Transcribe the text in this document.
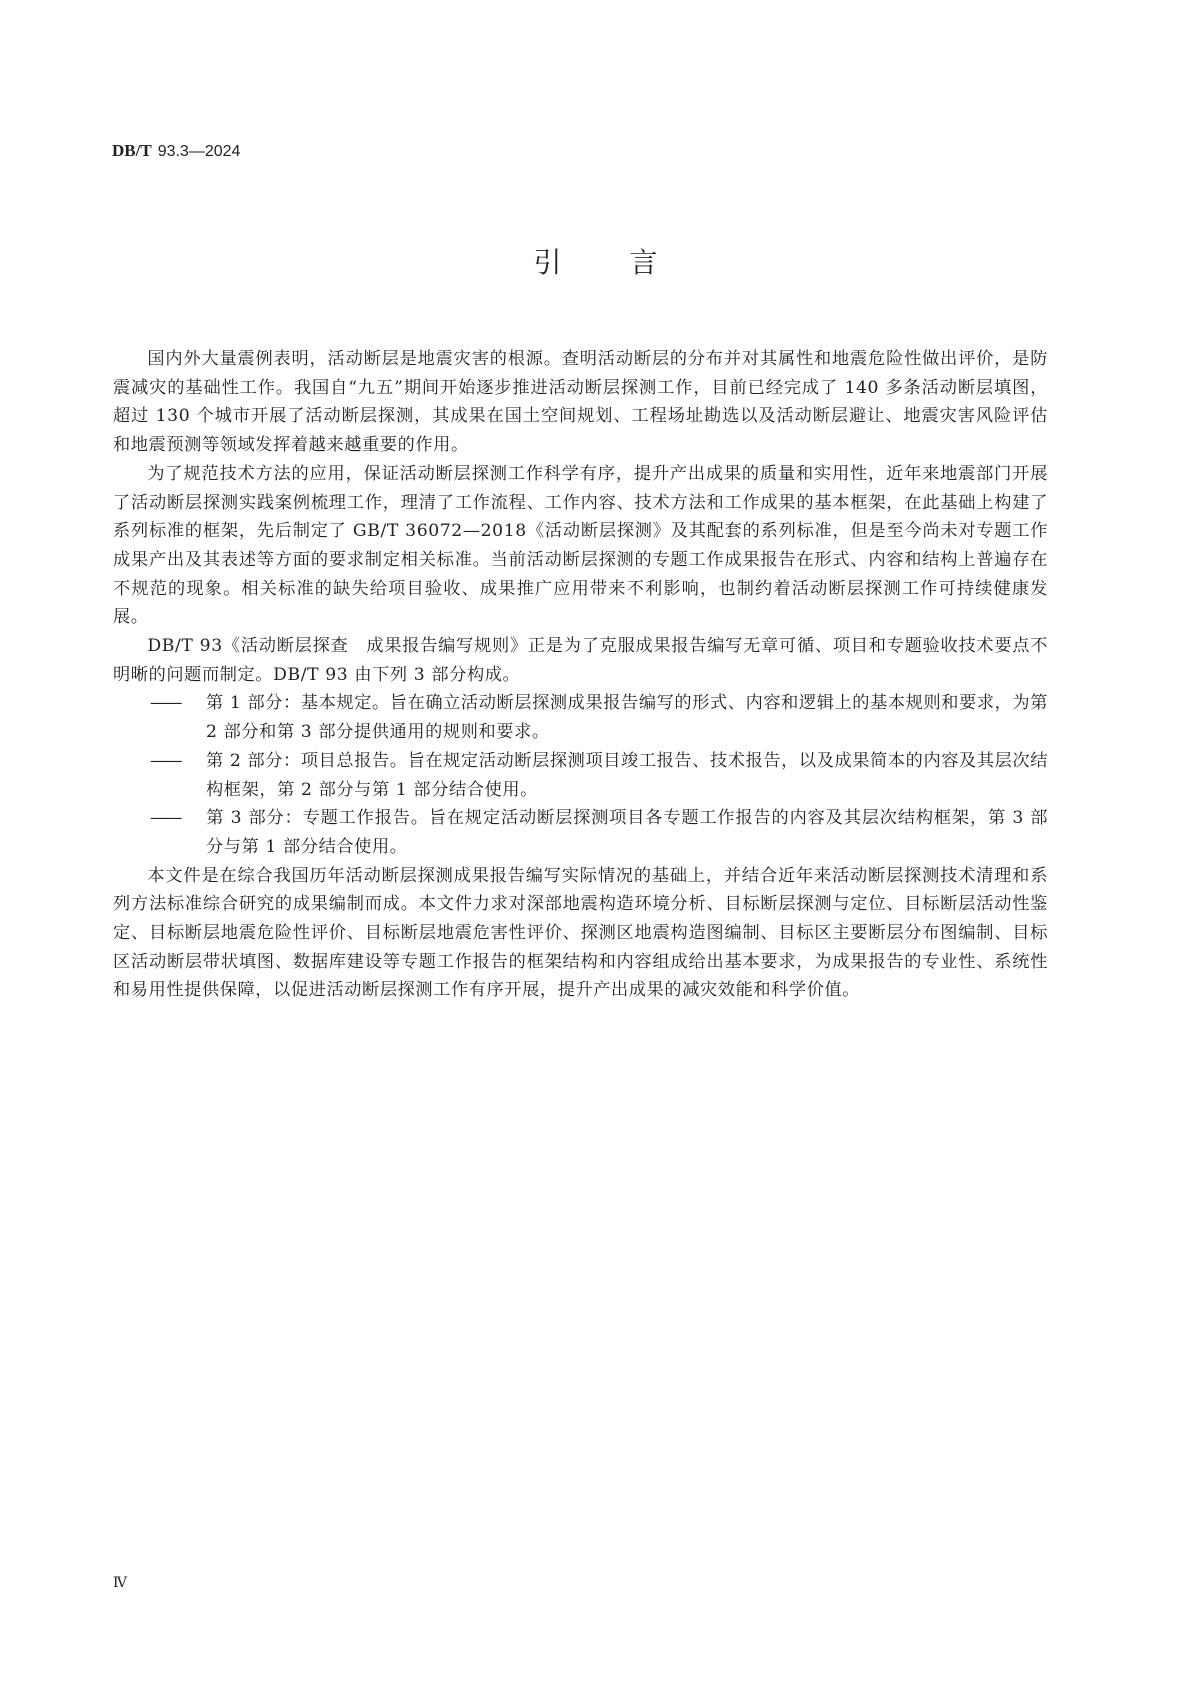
DB/T 93.3—2024
引言

国内外大量震例表明，活动断层是地震灾害的根源。查明活动断层的分布并对其属性和地震危险性做出评价，是防震减灾的基础性工作。我国自“九五”期间开始逐步推进活动断层探测工作，目前已经完成了 140 多条活动断层填图，超过 130 个城市开展了活动断层探测，其成果在国土空间规划、工程场址勘选以及活动断层避让、地震灾害风险评估和地震预测等领域发挥着越来越重要的作用。

为了规范技术方法的应用，保证活动断层探测工作科学有序，提升产出成果的质量和实用性，近年来地震部门开展了活动断层探测实践案例梳理工作，理清了工作流程、工作内容、技术方法和工作成果的基本框架，在此基础上构建了系列标准的框架，先后制定了 GB/T 36072—2018《活动断层探测》及其配套的系列标准，但是至今尚未对专题工作成果产出及其表述等方面的要求制定相关标准。当前活动断层探测的专题工作成果报告在形式、内容和结构上普遍存在不规范的现象。相关标准的缺失给项目验收、成果推广应用带来不利影响，也制约着活动断层探测工作可持续健康发展。

DB/T 93《活动断层探查　成果报告编写规则》正是为了克服成果报告编写无章可循、项目和专题验收技术要点不明晰的问题而制定。DB/T 93 由下列 3 部分构成。

—— 第 1 部分：基本规定。旨在确立活动断层探测成果报告编写的形式、内容和逻辑上的基本规则和要求，为第 2 部分和第 3 部分提供通用的规则和要求。

—— 第 2 部分：项目总报告。旨在规定活动断层探测项目竣工报告、技术报告，以及成果简本的内容及其层次结构框架，第 2 部分与第 1 部分结合使用。

—— 第 3 部分：专题工作报告。旨在规定活动断层探测项目各专题工作报告的内容及其层次结构框架，第 3 部分与第 1 部分结合使用。

本文件是在综合我国历年活动断层探测成果报告编写实际情况的基础上，并结合近年来活动断层探测技术清理和系列方法标准综合研究的成果编制而成。本文件力求对深部地震构造环境分析、目标断层探测与定位、目标断层活动性鉴定、目标断层地震危险性评价、目标断层地震危害性评价、探测区地震构造图编制、目标区主要断层分布图编制、目标区活动断层带状填图、数据库建设等专题工作报告的框架结构和内容组成给出基本要求，为成果报告的专业性、系统性和易用性提供保障，以促进活动断层探测工作有序开展，提升产出成果的减灾效能和科学价值。

Ⅳ
